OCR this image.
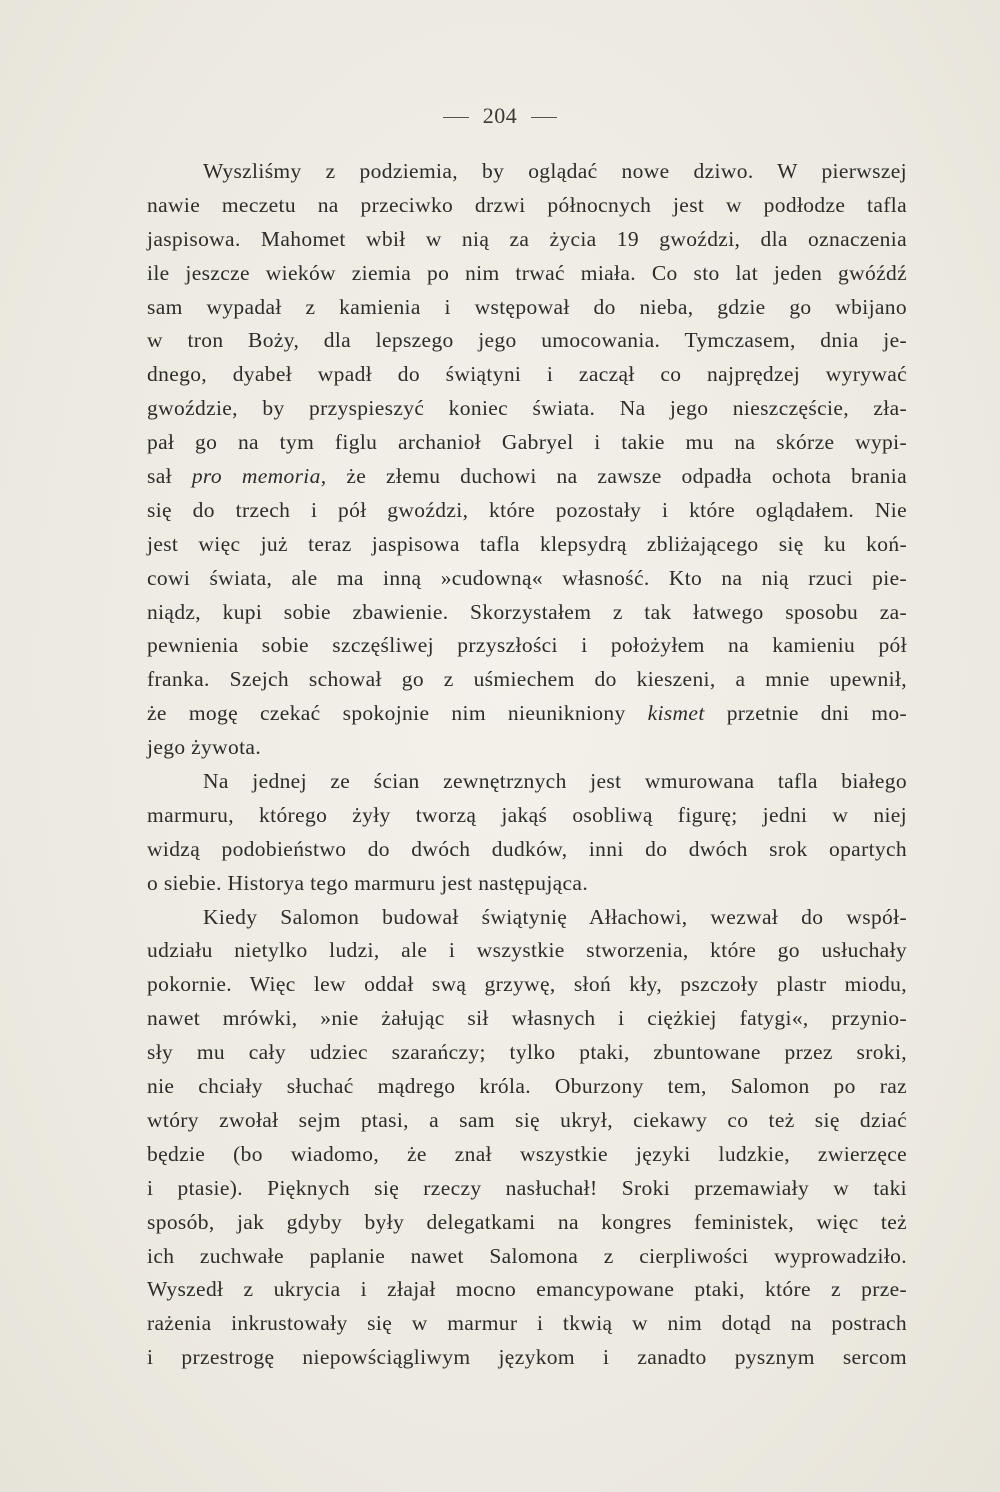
204
Wyszliśmy z podziemia, by oglądać nowe dziwo. W pierwszej
nawie meczetu na przeciwko drzwi północnych jest w podłodze tafla
jaspisowa. Mahomet wbił w nią za życia 19 gwoździ, dla oznaczenia
ile jeszcze wieków ziemia po nim trwać miała. Co sto lat jeden gwóźdź
sam wypadał z kamienia i wstępował do nieba, gdzie go wbijano
w tron Boży, dla lepszego jego umocowania. Tymczasem, dnia je-
dnego, dyabeł wpadł do świątyni i zaczął co najprędzej wyrywać
gwoździe, by przyspieszyć koniec świata. Na jego nieszczęście, zła-
pał go na tym figlu archanioł Gabryel i takie mu na skórze wypi-
sał pro memoria, że złemu duchowi na zawsze odpadła ochota brania
się do trzech i pół gwoździ, które pozostały i które oglądałem. Nie
jest więc już teraz jaspisowa tafla klepsydrą zbliżającego się ku koń-
cowi świata, ale ma inną »cudowną« własność. Kto na nią rzuci pie-
niądz, kupi sobie zbawienie. Skorzystałem z tak łatwego sposobu za-
pewnienia sobie szczęśliwej przyszłości i położyłem na kamieniu pół
franka. Szejch schował go z uśmiechem do kieszeni, a mnie upewnił,
że mogę czekać spokojnie nim nieunikniony kismet przetnie dni mo-
jego żywota.
Na jednej ze ścian zewnętrznych jest wmurowana tafla białego
marmuru, którego żyły tworzą jakąś osobliwą figurę; jedni w niej
widzą podobieństwo do dwóch dudków, inni do dwóch srok opartych
o siebie. Historya tego marmuru jest następująca.
Kiedy Salomon budował świątynię Ałłachowi, wezwał do współ-
udziału nietylko ludzi, ale i wszystkie stworzenia, które go usłuchały
pokornie. Więc lew oddał swą grzywę, słoń kły, pszczoły plastr miodu,
nawet mrówki, »nie żałując sił własnych i ciężkiej fatygi«, przynio-
sły mu cały udziec szarańczy; tylko ptaki, zbuntowane przez sroki,
nie chciały słuchać mądrego króla. Oburzony tem, Salomon po raz
wtóry zwołał sejm ptasi, a sam się ukrył, ciekawy co też się dziać
będzie (bo wiadomo, że znał wszystkie języki ludzkie, zwierzęce
i ptasie). Pięknych się rzeczy nasłuchał! Sroki przemawiały w taki
sposób, jak gdyby były delegatkami na kongres feministek, więc też
ich zuchwałe paplanie nawet Salomona z cierpliwości wyprowadziło.
Wyszedł z ukrycia i złajał mocno emancypowane ptaki, które z prze-
rażenia inkrustowały się w marmur i tkwią w nim dotąd na postrach
i przestrogę niepowściągliwym językom i zanadto pysznym sercom
